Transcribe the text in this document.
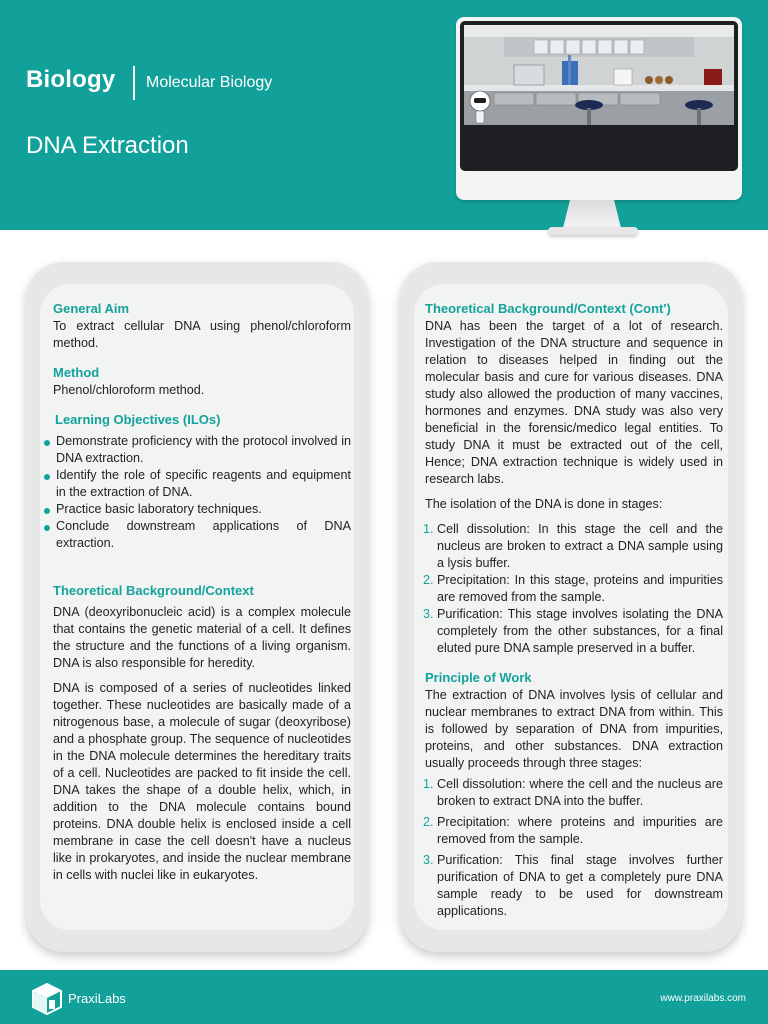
Biology Molecular Biology
DNA Extraction
General Aim
To extract cellular DNA using phenol/chloroform method.
Method
Phenol/chloroform method.
Learning Objectives (ILOs)
Demonstrate proficiency with the protocol involved in DNA extraction.
Identify the role of specific reagents and equipment in the extraction of DNA.
Practice basic laboratory techniques.
Conclude downstream applications of DNA extraction.
Theoretical Background/Context
DNA (deoxyribonucleic acid) is a complex molecule that contains the genetic material of a cell. It defines the structure and the functions of a living organism. DNA is also responsible for heredity.
DNA is composed of a series of nucleotides linked together. These nucleotides are basically made of a nitrogenous base, a molecule of sugar (deoxyribose) and a phosphate group. The sequence of nucleotides in the DNA molecule determines the hereditary traits of a cell. Nucleotides are packed to fit inside the cell. DNA takes the shape of a double helix, which, in addition to the DNA molecule contains bound proteins. DNA double helix is enclosed inside a cell membrane in case the cell doesn't have a nucleus like in prokaryotes, and inside the nuclear membrane in cells with nuclei like in eukaryotes.
Theoretical Background/Context (Cont')
DNA has been the target of a lot of research. Investigation of the DNA structure and sequence in relation to diseases helped in finding out the molecular basis and cure for various diseases. DNA study also allowed the production of many vaccines, hormones and enzymes. DNA study was also very beneficial in the forensic/medico legal entities. To study DNA it must be extracted out of the cell, Hence; DNA extraction technique is widely used in research labs.
The isolation of the DNA is done in stages:
1. Cell dissolution: In this stage the cell and the nucleus are broken to extract a DNA sample using a lysis buffer.
2. Precipitation: In this stage, proteins and impurities are removed from the sample.
3. Purification: This stage involves isolating the DNA completely from the other substances, for a final eluted pure DNA sample preserved in a buffer.
Principle of Work
The extraction of DNA involves lysis of cellular and nuclear membranes to extract DNA from within. This is followed by separation of DNA from impurities, proteins, and other substances. DNA extraction usually proceeds through three stages:
1. Cell dissolution: where the cell and the nucleus are broken to extract DNA into the buffer.
2. Precipitation: where proteins and impurities are removed from the sample.
3. Purification: This final stage involves further purification of DNA to get a completely pure DNA sample ready to be used for downstream applications.
PraxiLabs	www.praxilabs.com
